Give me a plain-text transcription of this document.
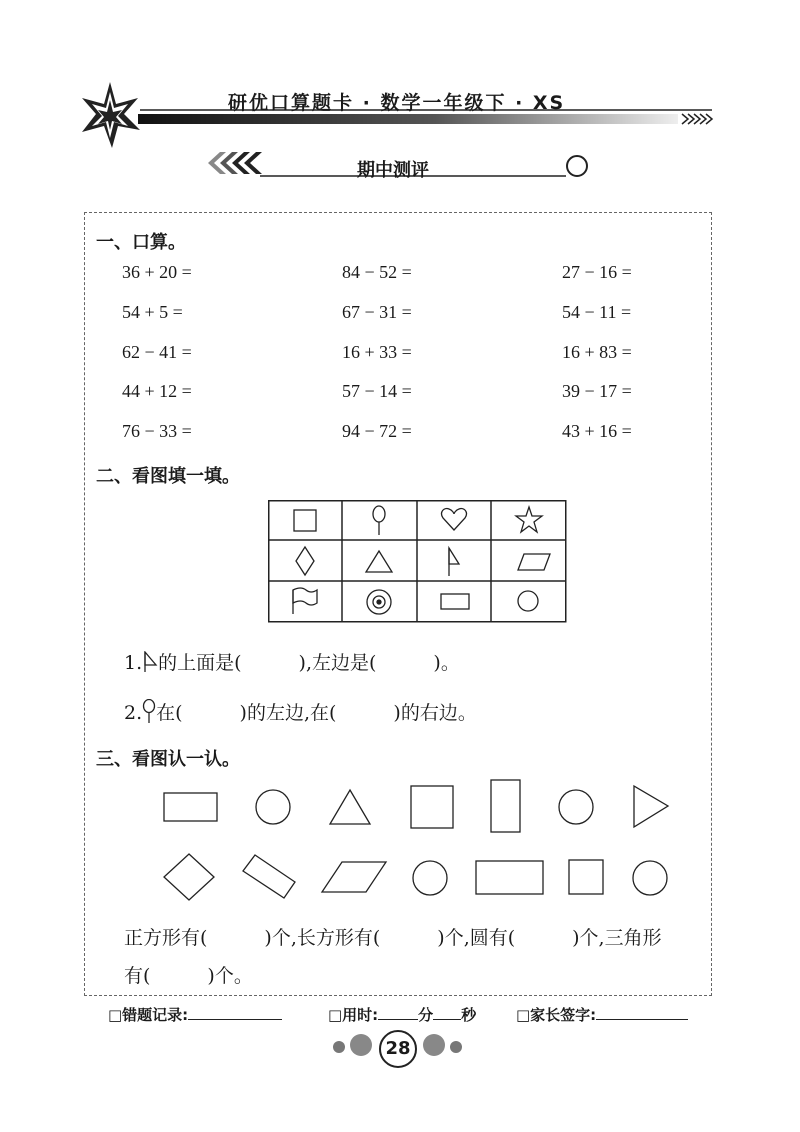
研优口算题卡 · 数学一年级下 · XS
期中测评
一、口算。
36 + 20 =	84 − 52 =	27 − 16 =
54 + 5 =	67 − 31 =	54 − 11 =
62 − 41 =	16 + 33 =	16 + 83 =
44 + 12 =	57 − 14 =	39 − 17 =
76 − 33 =	94 − 72 =	43 + 16 =
二、看图填一填。
1. 的上面是(　　　),左边是(　　　)。
2. 在(　　　)的左边,在(　　　)的右边。
三、看图认一认。
正方形有(　　　)个,长方形有(　　　)个,圆有(　　　)个,三角形
有(　　　)个。
□错题记录:	□用时:	分 秒	□家长签字:
28
